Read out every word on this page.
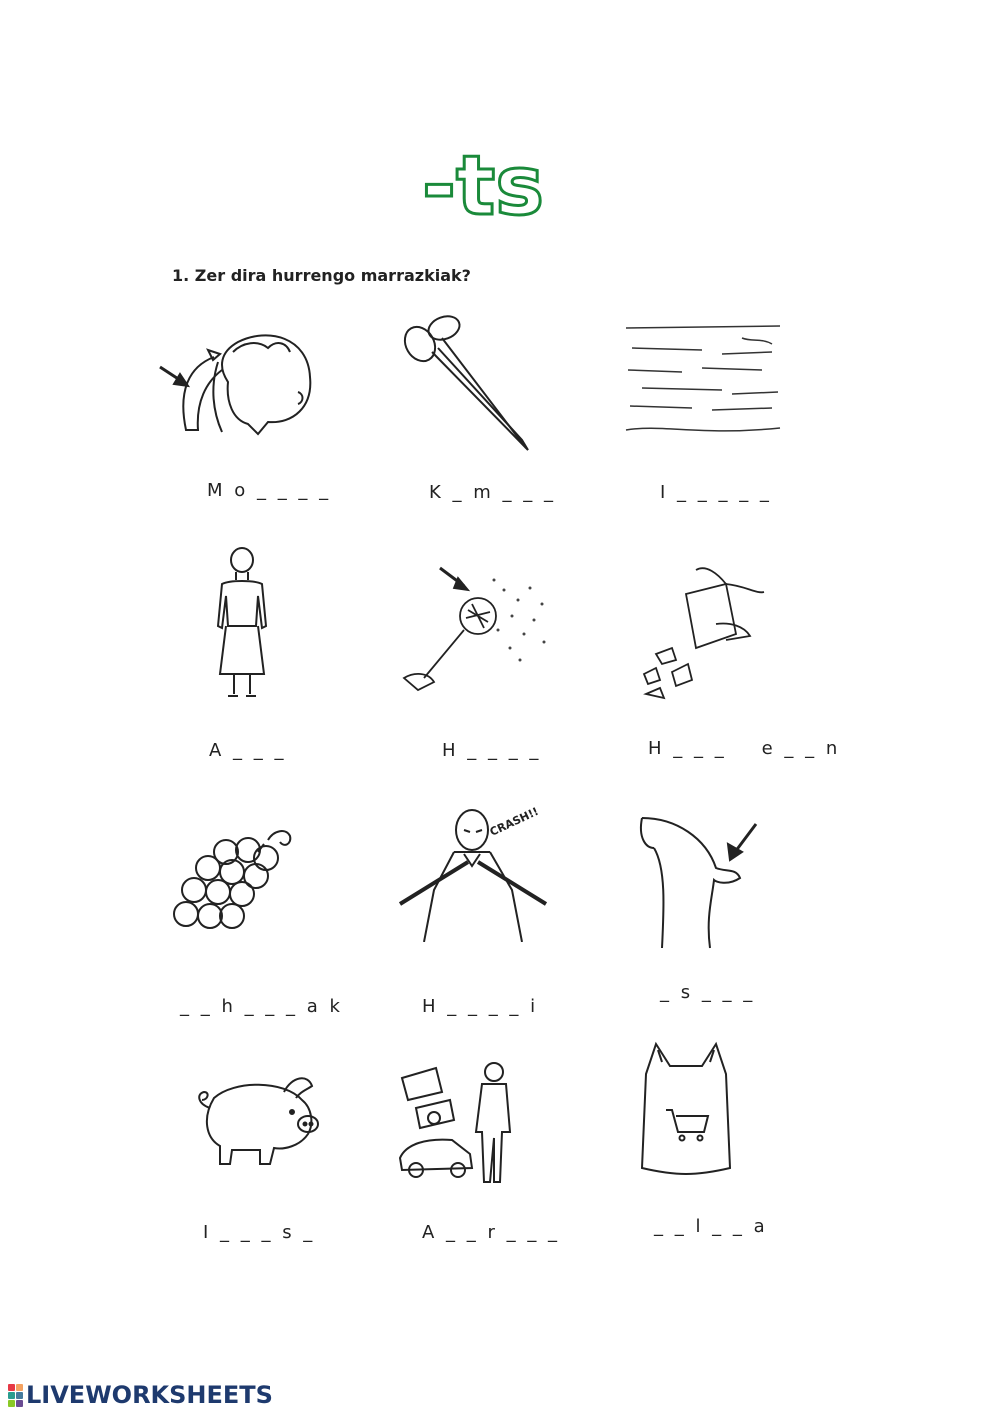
-ts
1. Zer dira hurrengo marrazkiak?
M o _ _ _ _	K _ m _ _ _	I _ _ _ _ _
A _ _ _	H _ _ _ _	H _ _ _    e _ _ n
CRASH!!
_ _ h _ _ _ a k	H _ _ _ _ i
_ s _ _ _
I _ _ _ s _	A _ _ r _ _ _	_ _ l _ _ a
LIVEWORKSHEETS
